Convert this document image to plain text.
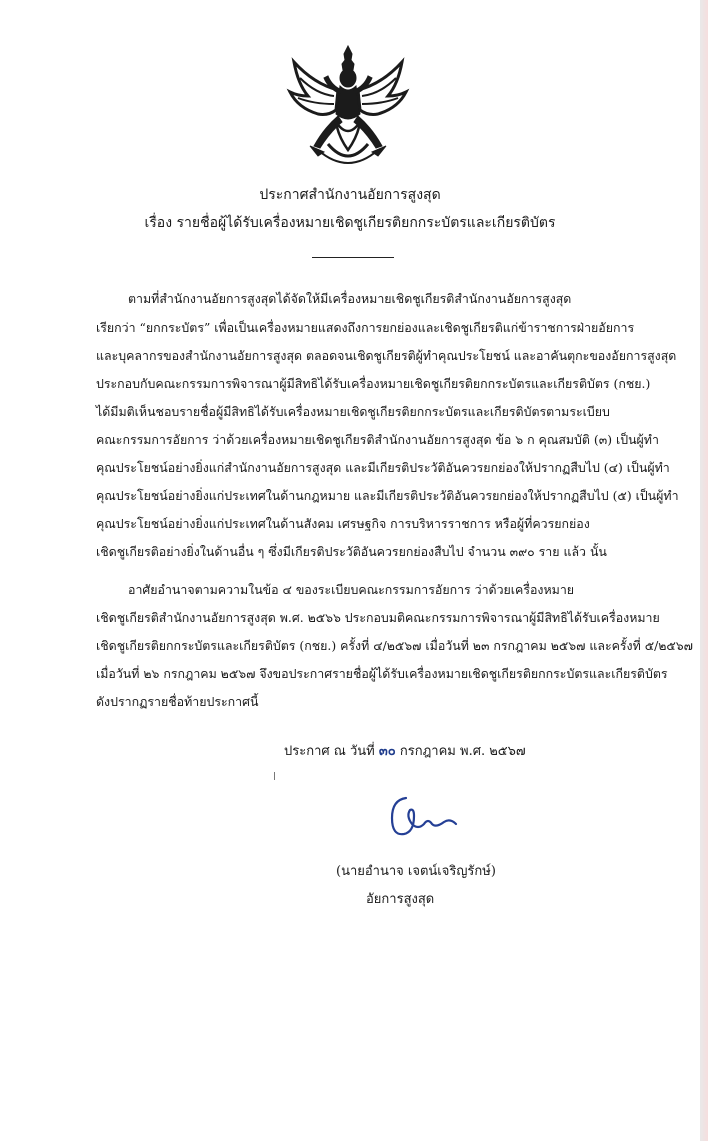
ประกาศสำนักงานอัยการสูงสุด
เรื่อง รายชื่อผู้ได้รับเครื่องหมายเชิดชูเกียรติยกกระบัตรและเกียรติบัตร
ตามที่สำนักงานอัยการสูงสุดได้จัดให้มีเครื่องหมายเชิดชูเกียรติสำนักงานอัยการสูงสุด
เรียกว่า “ยกกระบัตร” เพื่อเป็นเครื่องหมายแสดงถึงการยกย่องและเชิดชูเกียรติแก่ข้าราชการฝ่ายอัยการ
และบุคลากรของสำนักงานอัยการสูงสุด ตลอดจนเชิดชูเกียรติผู้ทำคุณประโยชน์ และอาคันตุกะของอัยการสูงสุด
ประกอบกับคณะกรรมการพิจารณาผู้มีสิทธิได้รับเครื่องหมายเชิดชูเกียรติยกกระบัตรและเกียรติบัตร (กชย.)
ได้มีมติเห็นชอบรายชื่อผู้มีสิทธิได้รับเครื่องหมายเชิดชูเกียรติยกกระบัตรและเกียรติบัตรตามระเบียบ
คณะกรรมการอัยการ ว่าด้วยเครื่องหมายเชิดชูเกียรติสำนักงานอัยการสูงสุด ข้อ ๖ ก คุณสมบัติ (๓) เป็นผู้ทำ
คุณประโยชน์อย่างยิ่งแก่สำนักงานอัยการสูงสุด และมีเกียรติประวัติอันควรยกย่องให้ปรากฏสืบไป (๔) เป็นผู้ทำ
คุณประโยชน์อย่างยิ่งแก่ประเทศในด้านกฎหมาย และมีเกียรติประวัติอันควรยกย่องให้ปรากฏสืบไป (๕) เป็นผู้ทำ
คุณประโยชน์อย่างยิ่งแก่ประเทศในด้านสังคม เศรษฐกิจ การบริหารราชการ หรือผู้ที่ควรยกย่อง
เชิดชูเกียรติอย่างยิ่งในด้านอื่น ๆ ซึ่งมีเกียรติประวัติอันควรยกย่องสืบไป จำนวน ๓๙๐ ราย แล้ว นั้น
อาศัยอำนาจตามความในข้อ ๔ ของระเบียบคณะกรรมการอัยการ ว่าด้วยเครื่องหมาย
เชิดชูเกียรติสำนักงานอัยการสูงสุด พ.ศ. ๒๕๖๖ ประกอบมติคณะกรรมการพิจารณาผู้มีสิทธิได้รับเครื่องหมาย
เชิดชูเกียรติยกกระบัตรและเกียรติบัตร (กชย.) ครั้งที่ ๔/๒๕๖๗ เมื่อวันที่ ๒๓ กรกฎาคม ๒๕๖๗ และครั้งที่ ๕/๒๕๖๗
เมื่อวันที่ ๒๖ กรกฎาคม ๒๕๖๗ จึงขอประกาศรายชื่อผู้ได้รับเครื่องหมายเชิดชูเกียรติยกกระบัตรและเกียรติบัตร
ดังปรากฏรายชื่อท้ายประกาศนี้
ประกาศ ณ วันที่ ๓๐ กรกฎาคม พ.ศ. ๒๕๖๗
(นายอำนาจ เจตน์เจริญรักษ์)
อัยการสูงสุด
